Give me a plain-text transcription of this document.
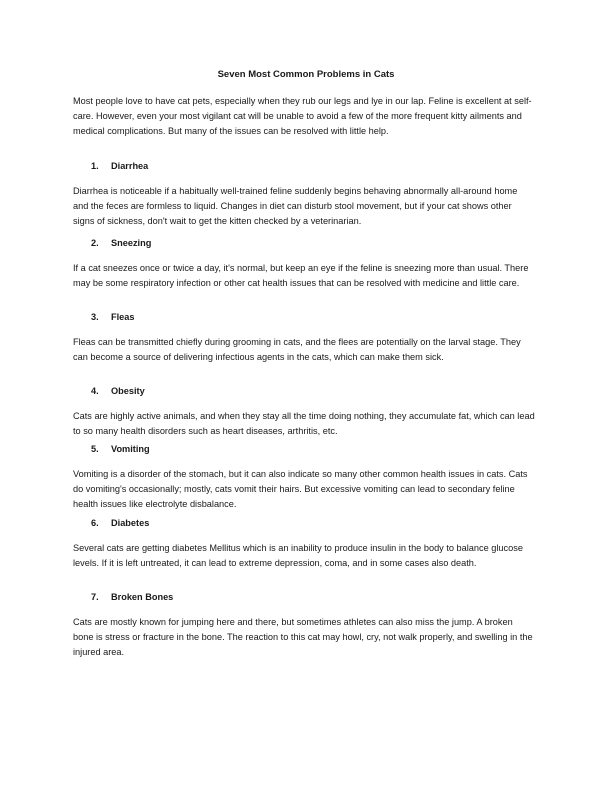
Seven Most Common Problems in Cats

Most people love to have cat pets, especially when they rub our legs and lye in our lap. Feline is excellent at self-care. However, even your most vigilant cat will be unable to avoid a few of the more frequent kitty ailments and medical complications. But many of the issues can be resolved with little help.

1. Diarrhea

Diarrhea is noticeable if a habitually well-trained feline suddenly begins behaving abnormally all-around home and the feces are formless to liquid. Changes in diet can disturb stool movement, but if your cat shows other signs of sickness, don't wait to get the kitten checked by a veterinarian.

2. Sneezing

If a cat sneezes once or twice a day, it's normal, but keep an eye if the feline is sneezing more than usual. There may be some respiratory infection or other cat health issues that can be resolved with medicine and little care.

3. Fleas

Fleas can be transmitted chiefly during grooming in cats, and the flees are potentially on the larval stage. They can become a source of delivering infectious agents in the cats, which can make them sick.

4. Obesity

Cats are highly active animals, and when they stay all the time doing nothing, they accumulate fat, which can lead to so many health disorders such as heart diseases, arthritis, etc.

5. Vomiting

Vomiting is a disorder of the stomach, but it can also indicate so many other common health issues in cats. Cats do vomiting's occasionally; mostly, cats vomit their hairs. But excessive vomiting can lead to secondary feline health issues like electrolyte disbalance.

6. Diabetes

Several cats are getting diabetes Mellitus which is an inability to produce insulin in the body to balance glucose levels. If it is left untreated, it can lead to extreme depression, coma, and in some cases also death.

7. Broken Bones

Cats are mostly known for jumping here and there, but sometimes athletes can also miss the jump. A broken bone is stress or fracture in the bone. The reaction to this cat may howl, cry, not walk properly, and swelling in the injured area.
